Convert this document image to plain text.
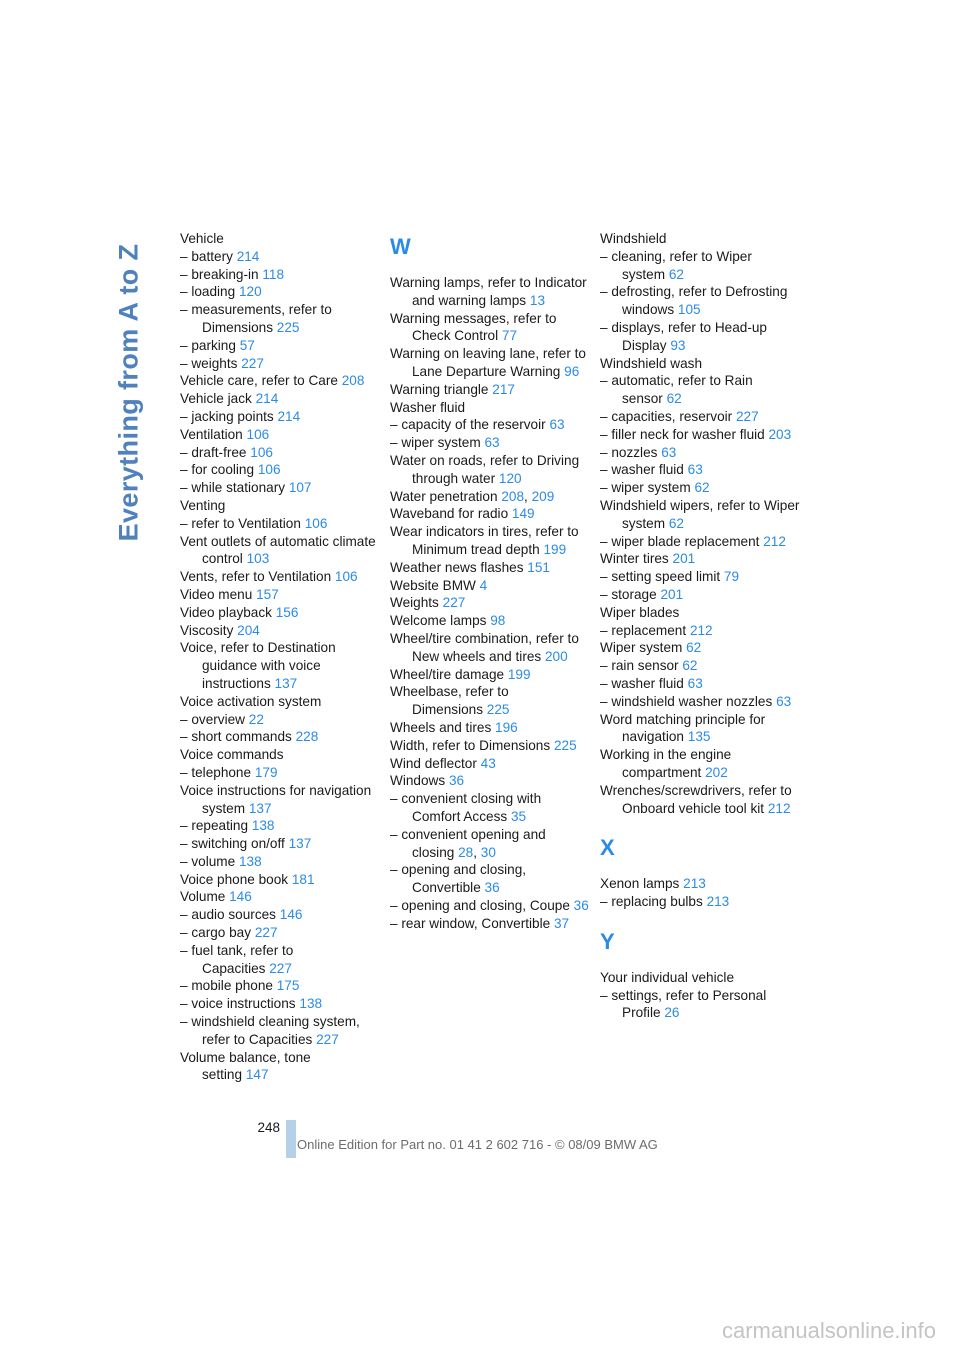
Everything from A to Z
Vehicle
– battery 214
– breaking-in 118
– loading 120
– measurements, refer to Dimensions 225
– parking 57
– weights 227
Vehicle care, refer to Care 208
Vehicle jack 214
– jacking points 214
Ventilation 106
– draft-free 106
– for cooling 106
– while stationary 107
Venting
– refer to Ventilation 106
Vent outlets of automatic climate control 103
Vents, refer to Ventilation 106
Video menu 157
Video playback 156
Viscosity 204
Voice, refer to Destination guidance with voice instructions 137
Voice activation system
– overview 22
– short commands 228
Voice commands
– telephone 179
Voice instructions for navigation system 137
– repeating 138
– switching on/off 137
– volume 138
Voice phone book 181
Volume 146
– audio sources 146
– cargo bay 227
– fuel tank, refer to Capacities 227
– mobile phone 175
– voice instructions 138
– windshield cleaning system, refer to Capacities 227
Volume balance, tone setting 147
W
Warning lamps, refer to Indicator and warning lamps 13
Warning messages, refer to Check Control 77
Warning on leaving lane, refer to Lane Departure Warning 96
Warning triangle 217
Washer fluid
– capacity of the reservoir 63
– wiper system 63
Water on roads, refer to Driving through water 120
Water penetration 208, 209
Waveband for radio 149
Wear indicators in tires, refer to Minimum tread depth 199
Weather news flashes 151
Website BMW 4
Weights 227
Welcome lamps 98
Wheel/tire combination, refer to New wheels and tires 200
Wheel/tire damage 199
Wheelbase, refer to Dimensions 225
Wheels and tires 196
Width, refer to Dimensions 225
Wind deflector 43
Windows 36
– convenient closing with Comfort Access 35
– convenient opening and closing 28, 30
– opening and closing, Convertible 36
– opening and closing, Coupe 36
– rear window, Convertible 37
Windshield
– cleaning, refer to Wiper system 62
– defrosting, refer to Defrosting windows 105
– displays, refer to Head-up Display 93
Windshield wash
– automatic, refer to Rain sensor 62
– capacities, reservoir 227
– filler neck for washer fluid 203
– nozzles 63
– washer fluid 63
– wiper system 62
Windshield wipers, refer to Wiper system 62
– wiper blade replacement 212
Winter tires 201
– setting speed limit 79
– storage 201
Wiper blades
– replacement 212
Wiper system 62
– rain sensor 62
– washer fluid 63
– windshield washer nozzles 63
Word matching principle for navigation 135
Working in the engine compartment 202
Wrenches/screwdrivers, refer to Onboard vehicle tool kit 212
X
Xenon lamps 213
– replacing bulbs 213
Y
Your individual vehicle
– settings, refer to Personal Profile 26
248
Online Edition for Part no. 01 41 2 602 716 - © 08/09 BMW AG
carmanualsonline.info
